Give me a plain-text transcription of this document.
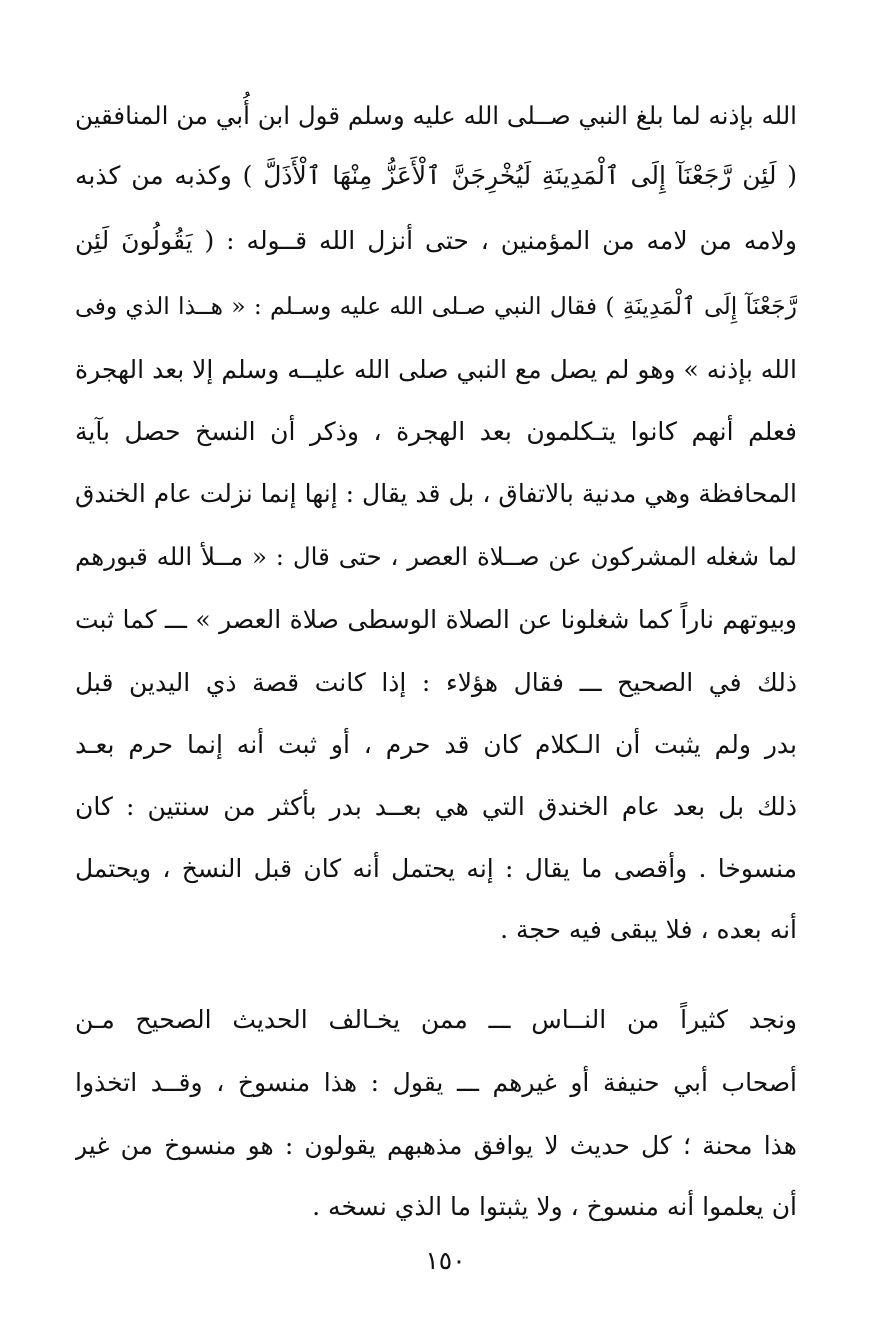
الله بإذنه لما بلغ النبي صــلى الله عليه وسلم قول ابن أُبي من المنافقين
( لَئِن رَّجَعْنَآ إِلَى ٱلْمَدِينَةِ لَيُخْرِجَنَّ ٱلْأَعَزُّ مِنْهَا ٱلْأَذَلَّ ) وكذبه من كذبه
ولامه من لامه من المؤمنين ، حتى أنزل الله قــوله : ( يَقُولُونَ لَئِن
رَّجَعْنَآ إِلَى ٱلْمَدِينَةِ ) فقال النبي صـلى الله عليه وسـلم : « هــذا الذي وفى
الله بإذنه » وهو لم يصل مع النبي صلى الله عليــه وسلم إلا بعد الهجرة
فعلم أنهم كانوا يتـكلمون بعد الهجرة ، وذكر أن النسخ حصل بآية
المحافظة وهي مدنية بالاتفاق ، بل قد يقال : إنها إنما نزلت عام الخندق
لما شغله المشركون عن صــلاة العصر ، حتى قال : « مــلأ الله قبورهم
وبيوتهم ناراً كما شغلونا عن الصلاة الوسطى صلاة العصر » ـــ كما ثبت
ذلك في الصحيح ـــ فقال هؤلاء : إذا كانت قصة ذي اليدين قبل
بدر ولم يثبت أن الـكلام كان قد حرم ، أو ثبت أنه إنما حرم بعـد
ذلك بل بعد عام الخندق التي هي بعــد بدر بأكثر من سنتين : كان
منسوخا . وأقصى ما يقال : إنه يحتمل أنه كان قبل النسخ ، ويحتمل
أنه بعده ، فلا يبقى فيه حجة .
ونجد كثيراً من النــاس ـــ ممن يخـالف الحديث الصحيح مـن
أصحاب أبي حنيفة أو غيرهم ـــ يقول : هذا منسوخ ، وقــد اتخذوا
هذا محنة ؛ كل حديث لا يوافق مذهبهم يقولون : هو منسوخ من غير
أن يعلموا أنه منسوخ ، ولا يثبتوا ما الذي نسخه .
١٥٠
